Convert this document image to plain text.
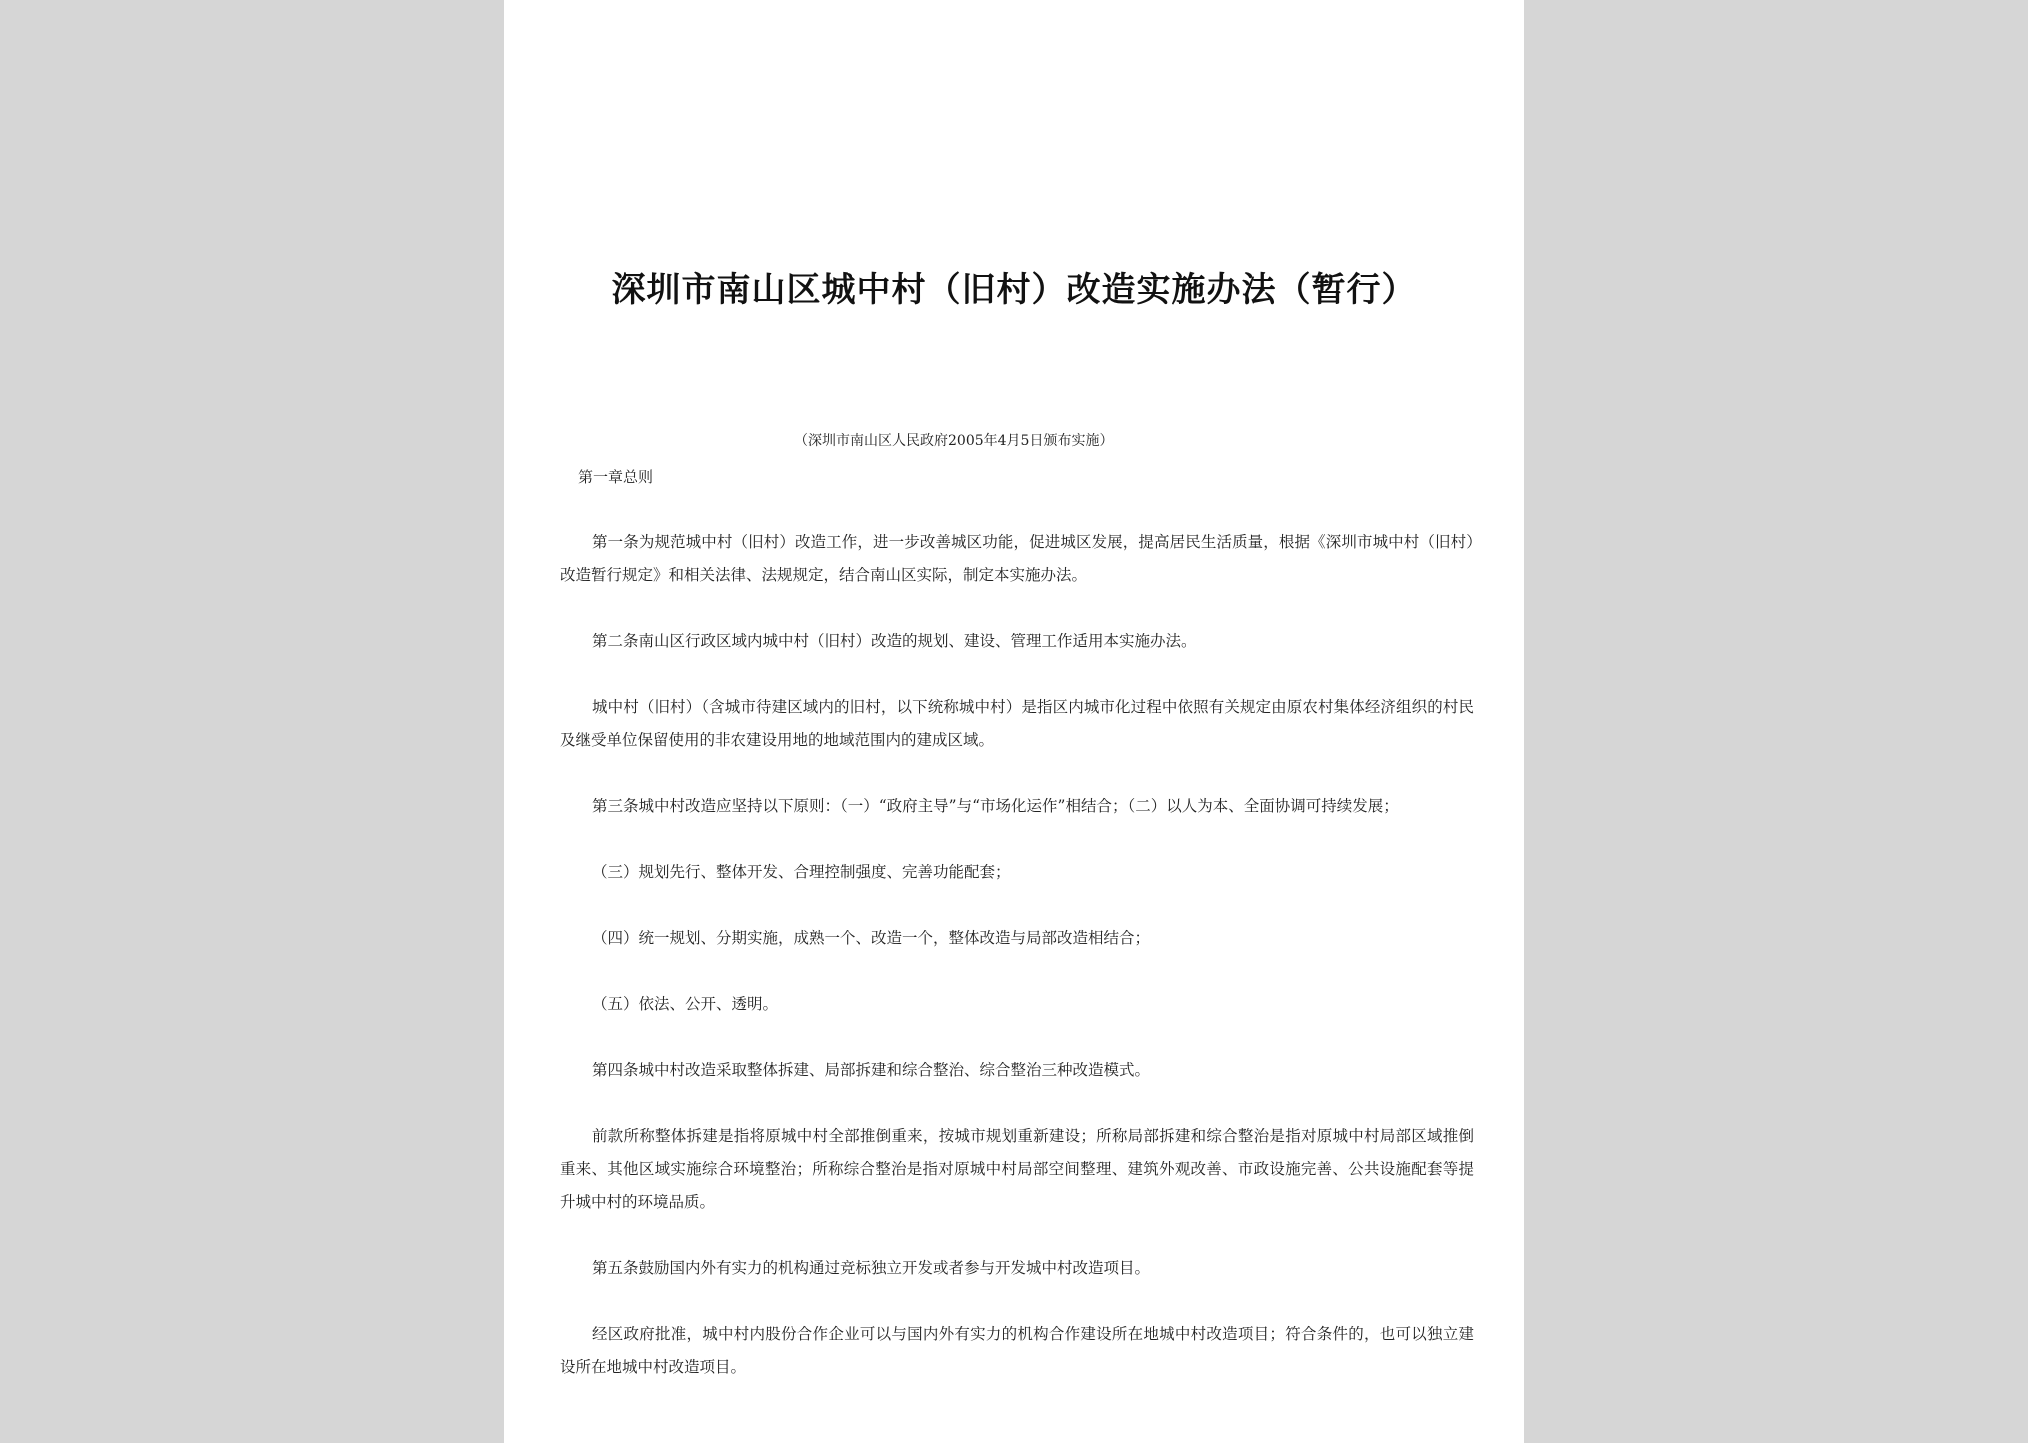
深圳市南山区城中村（旧村）改造实施办法（暂行）
（深圳市南山区人民政府2005年4月5日颁布实施）
第一章总则

第一条为规范城中村（旧村）改造工作，进一步改善城区功能，促进城区发展，提高居民生活质量，根据《深圳市城中村（旧村）改造暂行规定》和相关法律、法规规定，结合南山区实际，制定本实施办法。

第二条南山区行政区域内城中村（旧村）改造的规划、建设、管理工作适用本实施办法。

城中村（旧村）（含城市待建区域内的旧村，以下统称城中村）是指区内城市化过程中依照有关规定由原农村集体经济组织的村民及继受单位保留使用的非农建设用地的地域范围内的建成区域。

第三条城中村改造应坚持以下原则：（一）“政府主导”与“市场化运作”相结合；（二）以人为本、全面协调可持续发展；

（三）规划先行、整体开发、合理控制强度、完善功能配套；

（四）统一规划、分期实施，成熟一个、改造一个，整体改造与局部改造相结合；

（五）依法、公开、透明。

第四条城中村改造采取整体拆建、局部拆建和综合整治、综合整治三种改造模式。

前款所称整体拆建是指将原城中村全部推倒重来，按城市规划重新建设；所称局部拆建和综合整治是指对原城中村局部区域推倒重来、其他区域实施综合环境整治；所称综合整治是指对原城中村局部空间整理、建筑外观改善、市政设施完善、公共设施配套等提升城中村的环境品质。

第五条鼓励国内外有实力的机构通过竞标独立开发或者参与开发城中村改造项目。

经区政府批准，城中村内股份合作企业可以与国内外有实力的机构合作建设所在地城中村改造项目；符合条件的，也可以独立建设所在地城中村改造项目。
